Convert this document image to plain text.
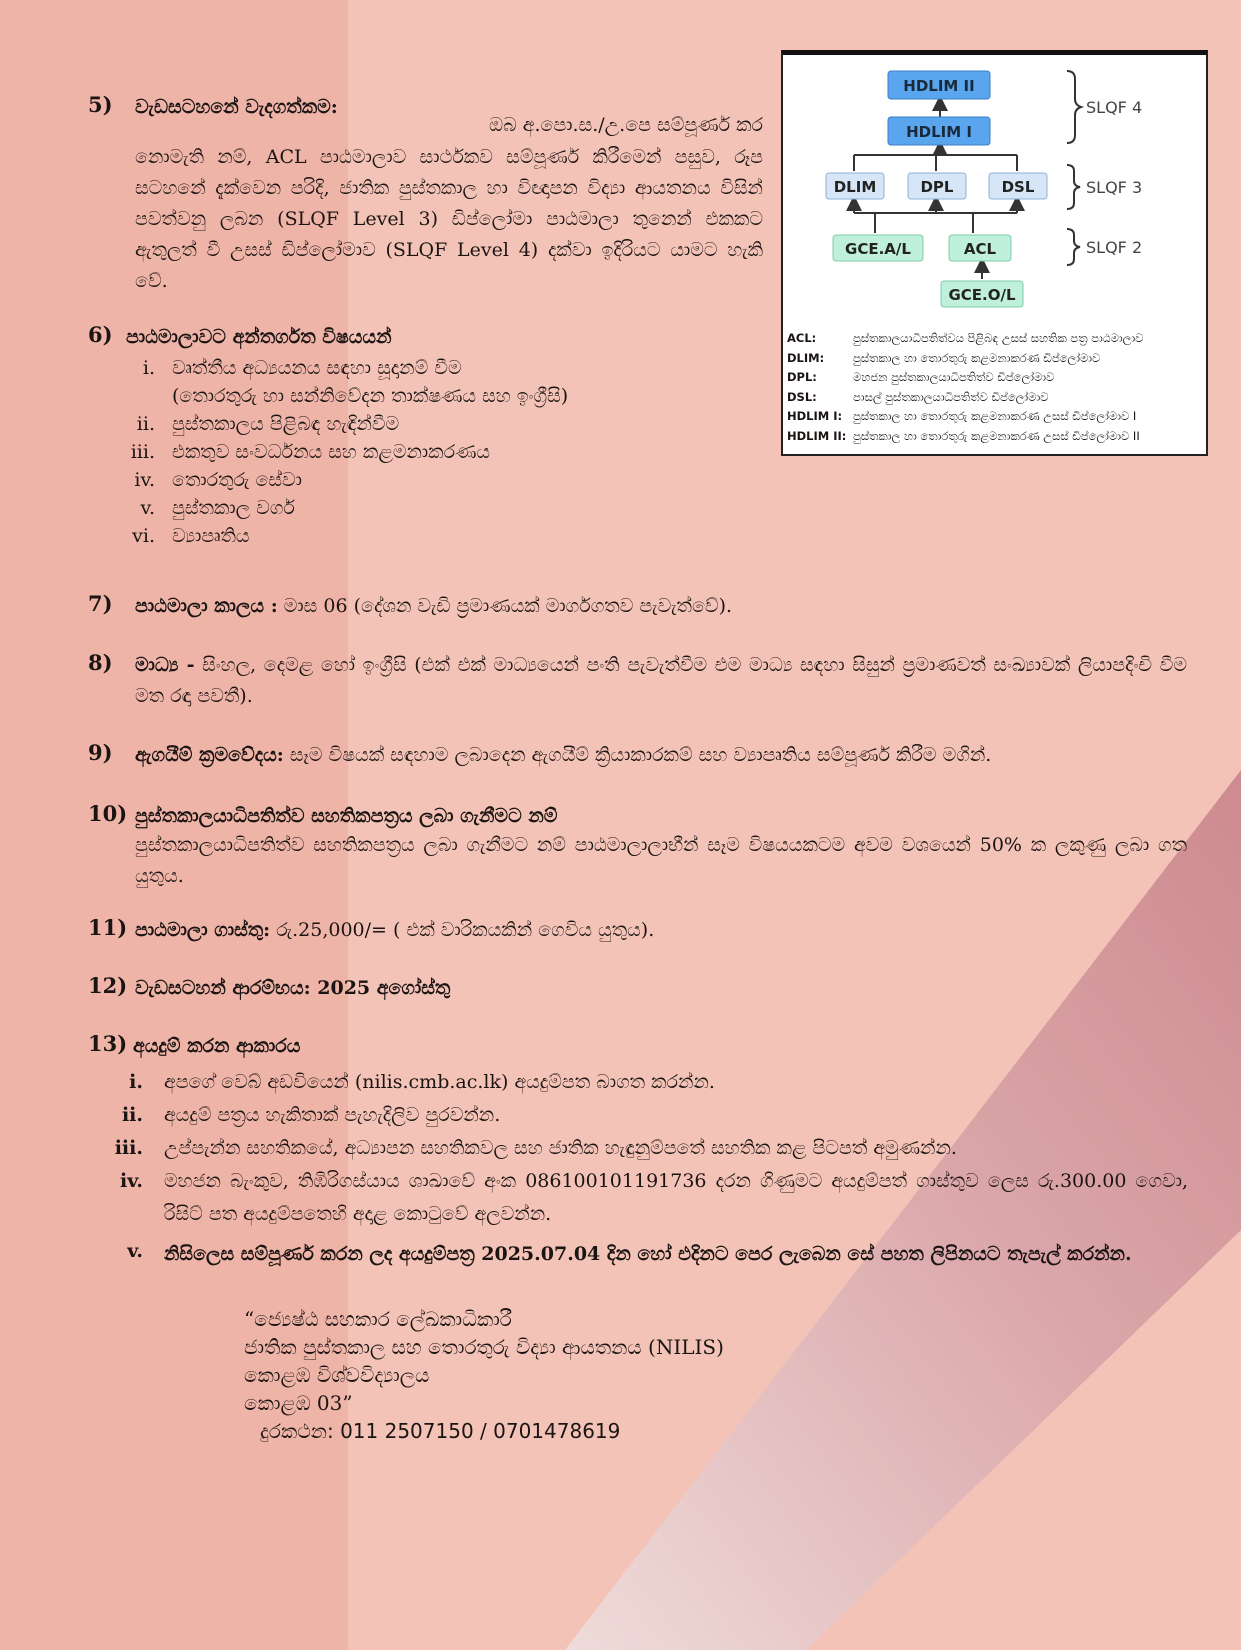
HDLIM II
HDLIM I
DLIM	DPL	DSL
GCE.A/L	ACL
GCE.O/L
SLQF 4
SLQF 3
SLQF 2
ACL:	පුස්තකාලයාධිපතිත්වය පිළිබඳ උසස් සහතික පත්‍ර පාඨමාලාව
DLIM:	පුස්තකාල හා තොරතුරු කළමනාකරණ ඩිප්ලෝමාව
DPL:	මහජන පුස්තකාලයාධිපතිත්ව ඩිප්ලෝමාව
DSL:	පාසල් පුස්තකාලයාධිපතිත්ව ඩිප්ලෝමාව
HDLIM I: පුස්තකාල හා තොරතුරු කළමනාකරණ උසස් ඩිප්ලෝමාව I
HDLIM II: පුස්තකාල හා තොරතුරු කළමනාකරණ උසස් ඩිප්ලෝමාව II
5) වැඩසටහනේ වැදගත්කම:
ඔබ අ.පො.ස./උ.පෙ සම්පූර්ණ කර
නොමැති නම්, ACL පාඨමාලාව සාර්ථකව සම්පූර්ණ කිරීමෙන් පසුව, රූප සටහනේ දැක්වෙන පරිදි, ජාතික පුස්තකාල හා විඥාපන විද්‍යා ආයතනය විසින් පවත්වනු ලබන (SLQF Level 3) ඩිප්ලෝමා පාඨමාලා තුනෙන් එකකට ඇතුලත් වී උසස් ඩිප්ලෝමාව (SLQF Level 4) දක්වා ඉදිරියට යාමට හැකි වේ.
6) පාඨමාලාවට අන්තර්ගත විෂයයන්
i. වෘත්තීය අධ්‍යයනය සඳහා සූදානම් වීම
(තොරතුරු හා සන්නිවේදන තාක්ෂණය සහ ඉංග්‍රීසි)
ii. පුස්තකාලය පිළිබඳ හැඳින්වීම
iii. එකතුව සංවර්ධනය සහ කළමනාකරණය
iv. තොරතුරු සේවා
v. පුස්තකාල වර්ග
vi. ව්‍යාපෘතිය
7) පාඨමාලා කාලය : මාස 06 (දේශන වැඩි ප්‍රමාණයක් මාර්ගගතව පැවැත්වේ).
8) මාධ්‍ය - සිංහල, දෙමළ හෝ ඉංග්‍රීසි (එක් එක් මාධ්‍යයෙන් පංති පැවැත්වීම එම මාධ්‍ය සඳහා සිසුන් ප්‍රමාණවත් සංඛ්‍යාවක් ලියාපදිංචි වීම මත රඳා පවතී).
9) ඇගයීම් ක්‍රමවේදය: සෑම විෂයක් සඳහාම ලබාදෙන ඇගයීම් ක්‍රියාකාරකම් සහ ව්‍යාපෘතිය සම්පූර්ණ කිරීම මගින්.
10) පුස්තකාලයාධිපතිත්ව සහතිකපත්‍රය ලබා ගැනීමට නම්
පුස්තකාලයාධිපතිත්ව සහතිකපත්‍රය ලබා ගැනීමට නම් පාඨමාලාලාභීන් සෑම විෂයයකටම අවම වශයෙන් 50% ක ලකුණු ලබා ගත යුතුය.
11) පාඨමාලා ගාස්තු: රු.25,000/= ( එක් වාරිකයකින් ගෙවිය යුතුය).
12) වැඩසටහන් ආරම්භය: 2025 අගෝස්තු
13) අයදුම් කරන ආකාරය
i. අපගේ වෙබ් අඩවියෙන් (nilis.cmb.ac.lk) අයදුම්පත බාගත කරන්න.
ii. අයදුම් පත්‍රය හැකිතාක් පැහැදිලිව පුරවන්න.
iii. උප්පැන්න සහතිකයේ, අධ්‍යාපන සහතිකවල සහ ජාතික හැඳුනුම්පතේ සහතික කළ පිටපත් අමුණන්න.
iv. මහජන බැංකුව, තිඹිරිගස්යාය ශාඛාවේ අංක 086100101191736 දරන ගිණුමට අයදුම්පත් ගාස්තුව ලෙස රු.300.00 ගෙවා, රිසිට් පත අයදුම්පතෙහි අදාළ කොටුවේ අලවන්න.
v. නිසිලෙස සම්පූර්ණ කරන ලද අයදුම්පත්‍ර 2025.07.04 දින හෝ එදිනට පෙර ලැබෙන සේ පහත ලිපිනයට තැපැල් කරන්න.
“ජ්‍යෙෂ්ඨ සහකාර ලේඛකාධිකාරී
ජාතික පුස්තකාල සහ තොරතුරු විද්‍යා ආයතනය (NILIS)
කොළඹ විශ්වවිද්‍යාලය
කොළඹ 03”
දුරකථන: 011 2507150 / 0701478619
